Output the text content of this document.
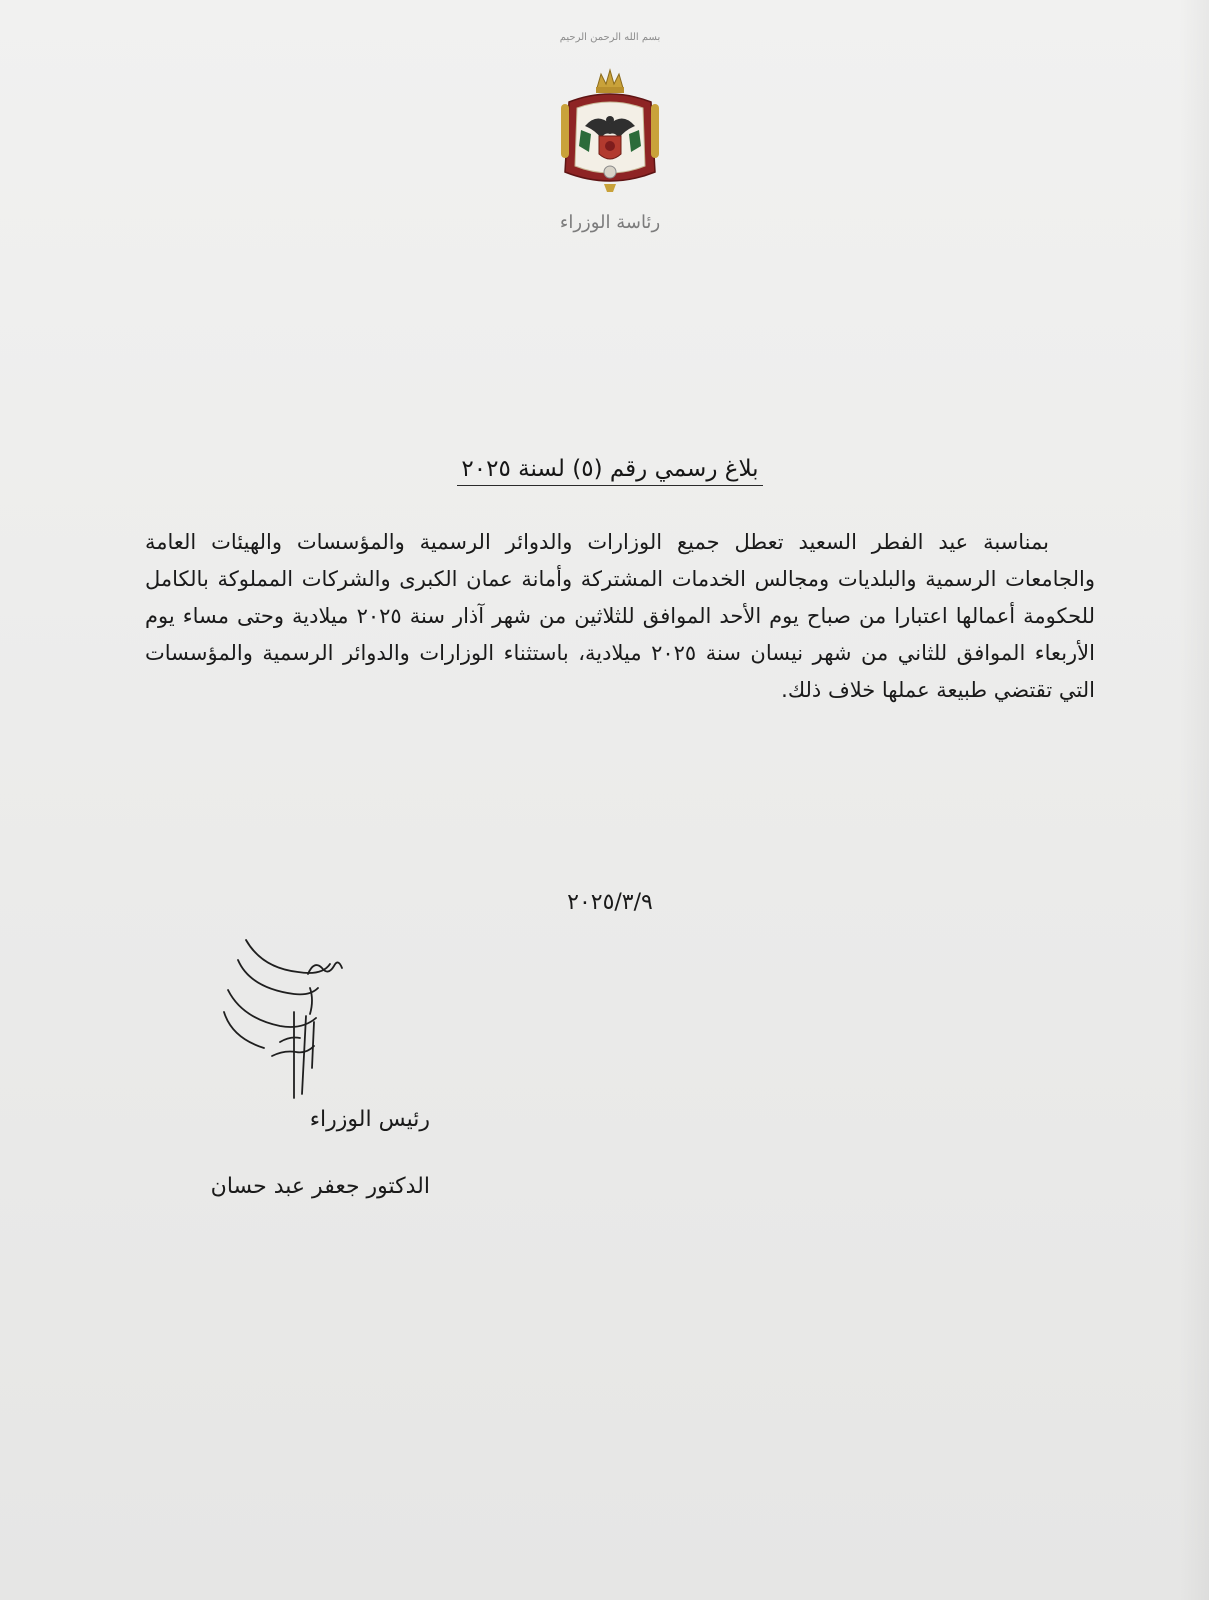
بسم الله الرحمن الرحيم
رئاسة الوزراء
بلاغ رسمي رقم (٥) لسنة ٢٠٢٥
بمناسبة عيد الفطر السعيد تعطل جميع الوزارات والدوائر الرسمية والمؤسسات والهيئات العامة والجامعات الرسمية والبلديات ومجالس الخدمات المشتركة وأمانة عمان الكبرى والشركات المملوكة بالكامل للحكومة أعمالها اعتبارا من صباح يوم الأحد الموافق للثلاثين من شهر آذار سنة ٢٠٢٥ ميلادية وحتى مساء يوم الأربعاء الموافق للثاني من شهر نيسان سنة ٢٠٢٥ ميلادية، باستثناء الوزارات والدوائر الرسمية والمؤسسات التي تقتضي طبيعة عملها خلاف ذلك.
٢٠٢٥/٣/٩
رئيس الوزراء
الدكتور جعفر عبد حسان
